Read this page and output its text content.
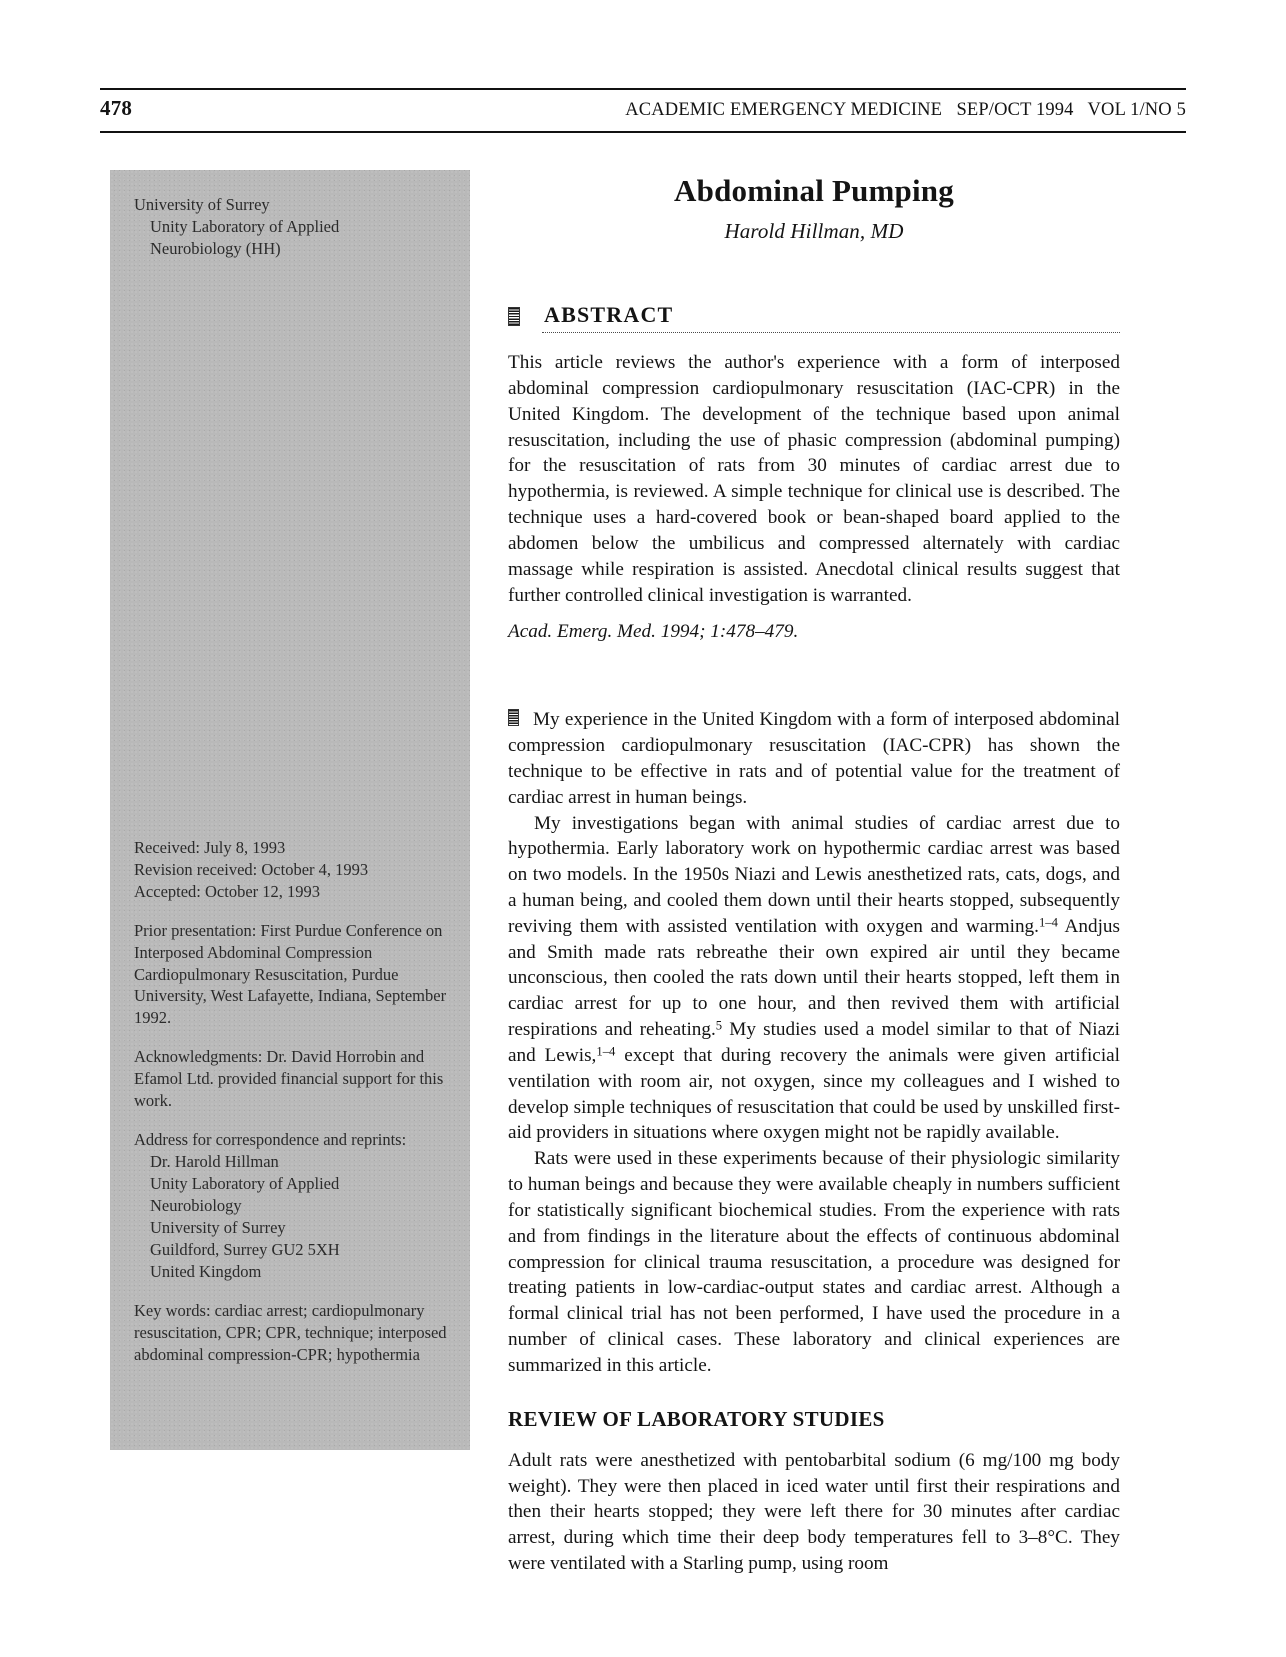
478	ACADEMIC EMERGENCY MEDICINE   SEP/OCT 1994   VOL 1/NO 5
University of Surrey
Unity Laboratory of Applied
Neurobiology (HH)
Received: July 8, 1993
Revision received: October 4, 1993
Accepted: October 12, 1993
Prior presentation: First Purdue Conference on Interposed Abdominal Compression Cardiopulmonary Resuscitation, Purdue University, West Lafayette, Indiana, September 1992.
Acknowledgments: Dr. David Horrobin and Efamol Ltd. provided financial support for this work.
Address for correspondence and reprints:
Dr. Harold Hillman
Unity Laboratory of Applied
Neurobiology
University of Surrey
Guildford, Surrey GU2 5XH
United Kingdom
Key words: cardiac arrest; cardiopulmonary resuscitation, CPR; CPR, technique; interposed abdominal compression-CPR; hypothermia
Abdominal Pumping
Harold Hillman, MD
ABSTRACT

This article reviews the author's experience with a form of interposed abdominal compression cardiopulmonary resuscitation (IAC-CPR) in the United Kingdom. The development of the technique based upon animal resuscitation, including the use of phasic compression (abdominal pumping) for the resuscitation of rats from 30 minutes of cardiac arrest due to hypothermia, is reviewed. A simple technique for clinical use is described. The technique uses a hard-covered book or bean-shaped board applied to the abdomen below the umbilicus and compressed alternately with cardiac massage while respiration is assisted. Anecdotal clinical results suggest that further controlled clinical investigation is warranted.

Acad. Emerg. Med. 1994; 1:478–479.

My experience in the United Kingdom with a form of interposed abdominal compression cardiopulmonary resuscitation (IAC-CPR) has shown the technique to be effective in rats and of potential value for the treatment of cardiac arrest in human beings.

My investigations began with animal studies of cardiac arrest due to hypothermia. Early laboratory work on hypothermic cardiac arrest was based on two models. In the 1950s Niazi and Lewis anesthetized rats, cats, dogs, and a human being, and cooled them down until their hearts stopped, subsequently reviving them with assisted ventilation with oxygen and warming.$^{1-4}$ Andjus and Smith made rats rebreathe their own expired air until they became unconscious, then cooled the rats down until their hearts stopped, left them in cardiac arrest for up to one hour, and then revived them with artificial respirations and reheating.$^5$ My studies used a model similar to that of Niazi and Lewis,$^{1-4}$ except that during recovery the animals were given artificial ventilation with room air, not oxygen, since my colleagues and I wished to develop simple techniques of resuscitation that could be used by unskilled first-aid providers in situations where oxygen might not be rapidly available.

Rats were used in these experiments because of their physiologic similarity to human beings and because they were available cheaply in numbers sufficient for statistically significant biochemical studies. From the experience with rats and from findings in the literature about the effects of continuous abdominal compression for clinical trauma resuscitation, a procedure was designed for treating patients in low-cardiac-output states and cardiac arrest. Although a formal clinical trial has not been performed, I have used the procedure in a number of clinical cases. These laboratory and clinical experiences are summarized in this article.

REVIEW OF LABORATORY STUDIES

Adult rats were anesthetized with pentobarbital sodium (6 mg/100 mg body weight). They were then placed in iced water until first their respirations and then their hearts stopped; they were left there for 30 minutes after cardiac arrest, during which time their deep body temperatures fell to 3–8°C. They were ventilated with a Starling pump, using room
